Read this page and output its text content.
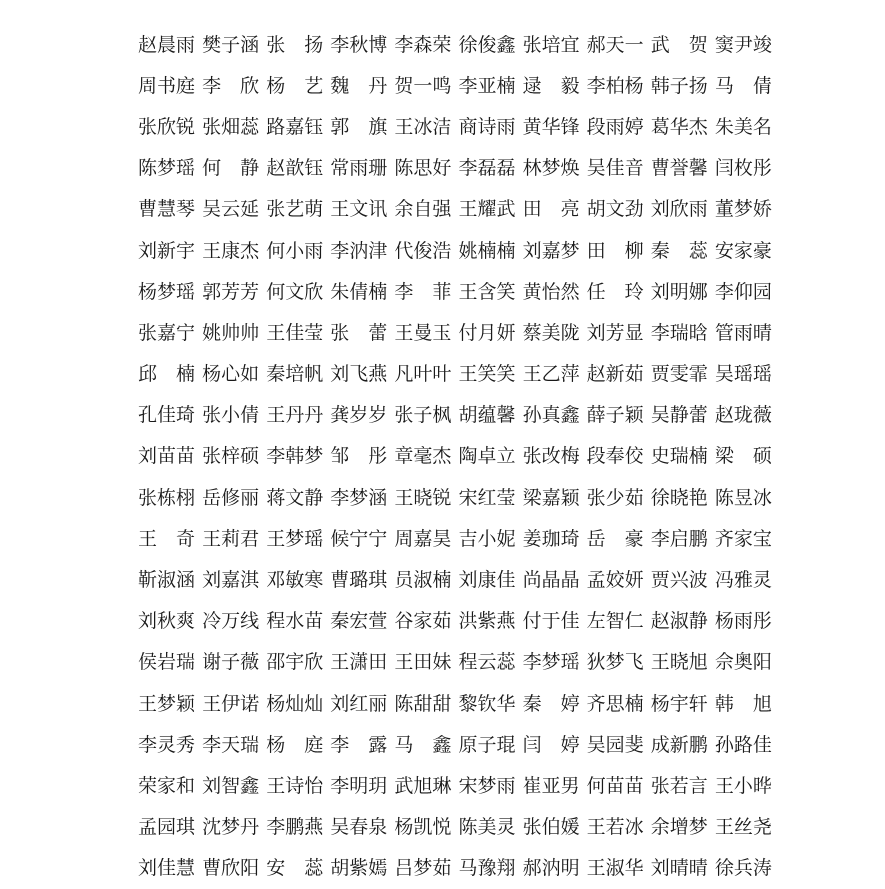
赵晨雨 樊子涵 张　扬 李秋博 李森荣 徐俊鑫 张培宜 郝天一 武　贺 窦尹竣
周书庭 李　欣 杨　艺 魏　丹 贺一鸣 李亚楠 逯　毅 李柏杨 韩子扬 马　倩
张欣锐 张畑蕊 路嘉钰 郭　旗 王冰洁 商诗雨 黄华锋 段雨婷 葛华杰 朱美名
陈梦瑶 何　静 赵歆钰 常雨珊 陈思好 李磊磊 林梦焕 吴佳音 曹誉馨 闫枚彤
曹慧琴 吴云延 张艺萌 王文讯 余自强 王耀武 田　亮 胡文劲 刘欣雨 董梦娇
刘新宇 王康杰 何小雨 李汭津 代俊浩 姚楠楠 刘嘉梦 田　柳 秦　蕊 安家豪
杨梦瑶 郭芳芳 何文欣 朱倩楠 李　菲 王含笑 黄怡然 任　玲 刘明娜 李仰园
张嘉宁 姚帅帅 王佳莹 张　蕾 王曼玉 付月妍 蔡美陇 刘芳显 李瑞晗 管雨晴
邱　楠 杨心如 秦培帆 刘飞燕 凡叶叶 王笑笑 王乙萍 赵新茹 贾雯霏 吴瑶瑶
孔佳琦 张小倩 王丹丹 龚岁岁 张子枫 胡蕴馨 孙真鑫 薛子颖 吴静蕾 赵珑薇
刘苗苗 张梓硕 李韩梦 邹　彤 章毫杰 陶卓立 张改梅 段奉佼 史瑞楠 梁　硕
张栋栩 岳修丽 蒋文静 李梦涵 王晓锐 宋红莹 梁嘉颖 张少茹 徐晓艳 陈昱冰
王　奇 王莉君 王梦瑶 候宁宁 周嘉昊 吉小妮 姜珈琦 岳　豪 李启鹏 齐家宝
靳淑涵 刘嘉淇 邓敏寒 曹璐琪 员淑楠 刘康佳 尚晶晶 孟姣妍 贾兴波 冯雅灵
刘秋爽 冷万线 程水苗 秦宏萱 谷家茹 洪紫燕 付于佳 左智仁 赵淑静 杨雨彤
侯岩瑞 谢子薇 邵宇欣 王潇田 王田妹 程云蕊 李梦瑶 狄梦飞 王晓旭 佘奥阳
王梦颖 王伊诺 杨灿灿 刘红丽 陈甜甜 黎钦华 秦　婷 齐思楠 杨宇轩 韩　旭
李灵秀 李天瑞 杨　庭 李　露 马　鑫 原子琨 闫　婷 吴园斐 成新鹏 孙路佳
荣家和 刘智鑫 王诗怡 李明玥 武旭琳 宋梦雨 崔亚男 何苗苗 张若言 王小晔
孟园琪 沈梦丹 李鹏燕 吴春泉 杨凯悦 陈美灵 张伯媛 王若冰 余增梦 王丝尧
刘佳慧 曹欣阳 安　蕊 胡紫嫣 吕梦茹 马豫翔 郝汭明 王淑华 刘晴晴 徐兵涛
